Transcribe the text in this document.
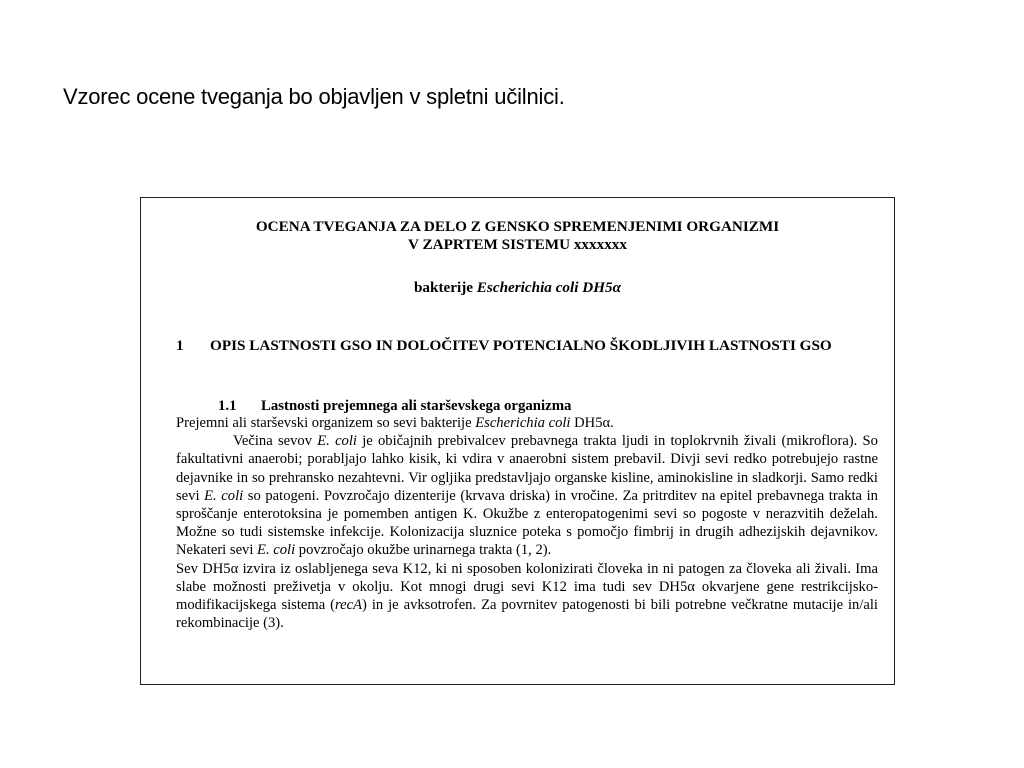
Vzorec ocene tveganja bo objavljen v spletni učilnici.
OCENA TVEGANJA ZA DELO Z GENSKO SPREMENJENIMI ORGANIZMI
V ZAPRTEM SISTEMU xxxxxxx
bakterije Escherichia coli DH5α
1 OPIS LASTNOSTI GSO IN DOLOČITEV POTENCIALNO ŠKODLJIVIH LASTNOSTI GSO
1.1 Lastnosti prejemnega ali starševskega organizma

Prejemni ali starševski organizem so sevi bakterije Escherichia coli DH5α.

Večina sevov E. coli je običajnih prebivalcev prebavnega trakta ljudi in toplokrvnih živali (mikroflora). So fakultativni anaerobi; porabljajo lahko kisik, ki vdira v anaerobni sistem prebavil. Divji sevi redko potrebujejo rastne dejavnike in so prehransko nezahtevni. Vir ogljika predstavljajo organske kisline, aminokisline in sladkorji. Samo redki sevi E. coli so patogeni. Povzročajo dizenterije (krvava driska) in vročine. Za pritrditev na epitel prebavnega trakta in sproščanje enterotoksina je pomemben antigen K. Okužbe z enteropatogenimi sevi so pogoste v nerazvitih deželah. Možne so tudi sistemske infekcije. Kolonizacija sluznice poteka s pomočjo fimbrij in drugih adhezijskih dejavnikov. Nekateri sevi E. coli povzročajo okužbe urinarnega trakta (1, 2).

Sev DH5α izvira iz oslabljenega seva K12, ki ni sposoben kolonizirati človeka in ni patogen za človeka ali živali. Ima slabe možnosti preživetja v okolju. Kot mnogi drugi sevi K12 ima tudi sev DH5α okvarjene gene restrikcijsko-modifikacijskega sistema (recA) in je avksotrofen. Za povrnitev patogenosti bi bili potrebne večkratne mutacije in/ali rekombinacije (3).
